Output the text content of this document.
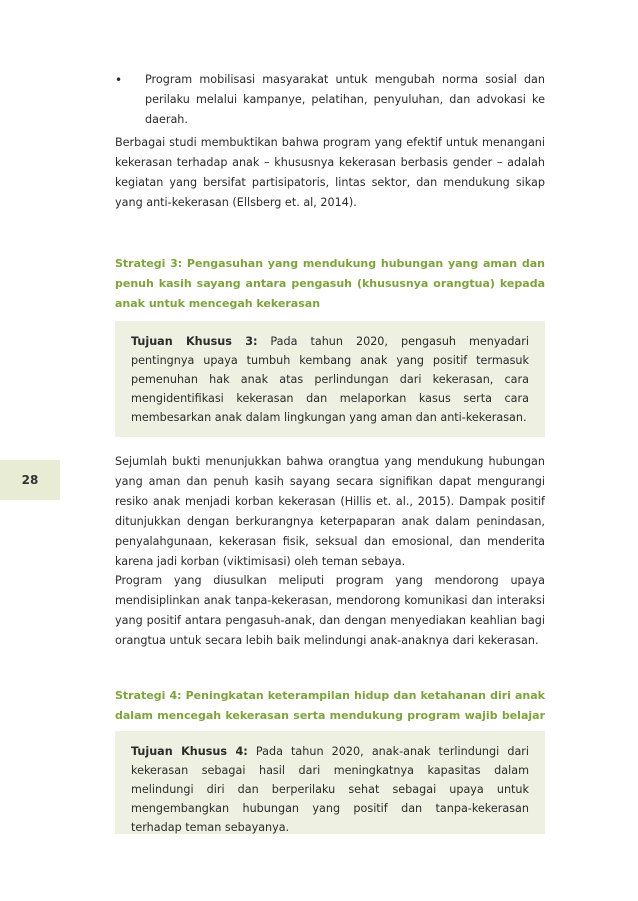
• Program mobilisasi masyarakat untuk mengubah norma sosial dan perilaku melalui kampanye, pelatihan, penyuluhan, dan advokasi ke daerah.

Berbagai studi membuktikan bahwa program yang efektif untuk menangani kekerasan terhadap anak – khususnya kekerasan berbasis gender – adalah kegiatan yang bersifat partisipatoris, lintas sektor, dan mendukung sikap yang anti-kekerasan (Ellsberg et. al, 2014).

Strategi 3: Pengasuhan yang mendukung hubungan yang aman dan penuh kasih sayang antara pengasuh (khususnya orangtua) kepada anak untuk mencegah kekerasan

Tujuan Khusus 3: Pada tahun 2020, pengasuh menyadari pentingnya upaya tumbuh kembang anak yang positif termasuk pemenuhan hak anak atas perlindungan dari kekerasan, cara mengidentifikasi kekerasan dan melaporkan kasus serta cara membesarkan anak dalam lingkungan yang aman dan anti-kekerasan.

Sejumlah bukti menunjukkan bahwa orangtua yang mendukung hubungan yang aman dan penuh kasih sayang secara signifikan dapat mengurangi resiko anak menjadi korban kekerasan (Hillis et. al., 2015). Dampak positif ditunjukkan dengan berkurangnya keterpaparan anak dalam penindasan, penyalahgunaan, kekerasan fisik, seksual dan emosional, dan menderita karena jadi korban (viktimisasi) oleh teman sebaya.

Program yang diusulkan meliputi program yang mendorong upaya mendisiplinkan anak tanpa-kekerasan, mendorong komunikasi dan interaksi yang positif antara pengasuh-anak, dan dengan menyediakan keahlian bagi orangtua untuk secara lebih baik melindungi anak-anaknya dari kekerasan.

Strategi 4: Peningkatan keterampilan hidup dan ketahanan diri anak dalam mencegah kekerasan serta mendukung program wajib belajar

Tujuan Khusus 4: Pada tahun 2020, anak-anak terlindungi dari kekerasan sebagai hasil dari meningkatnya kapasitas dalam melindungi diri dan berperilaku sehat sebagai upaya untuk mengembangkan hubungan yang positif dan tanpa-kekerasan terhadap teman sebayanya.

28
